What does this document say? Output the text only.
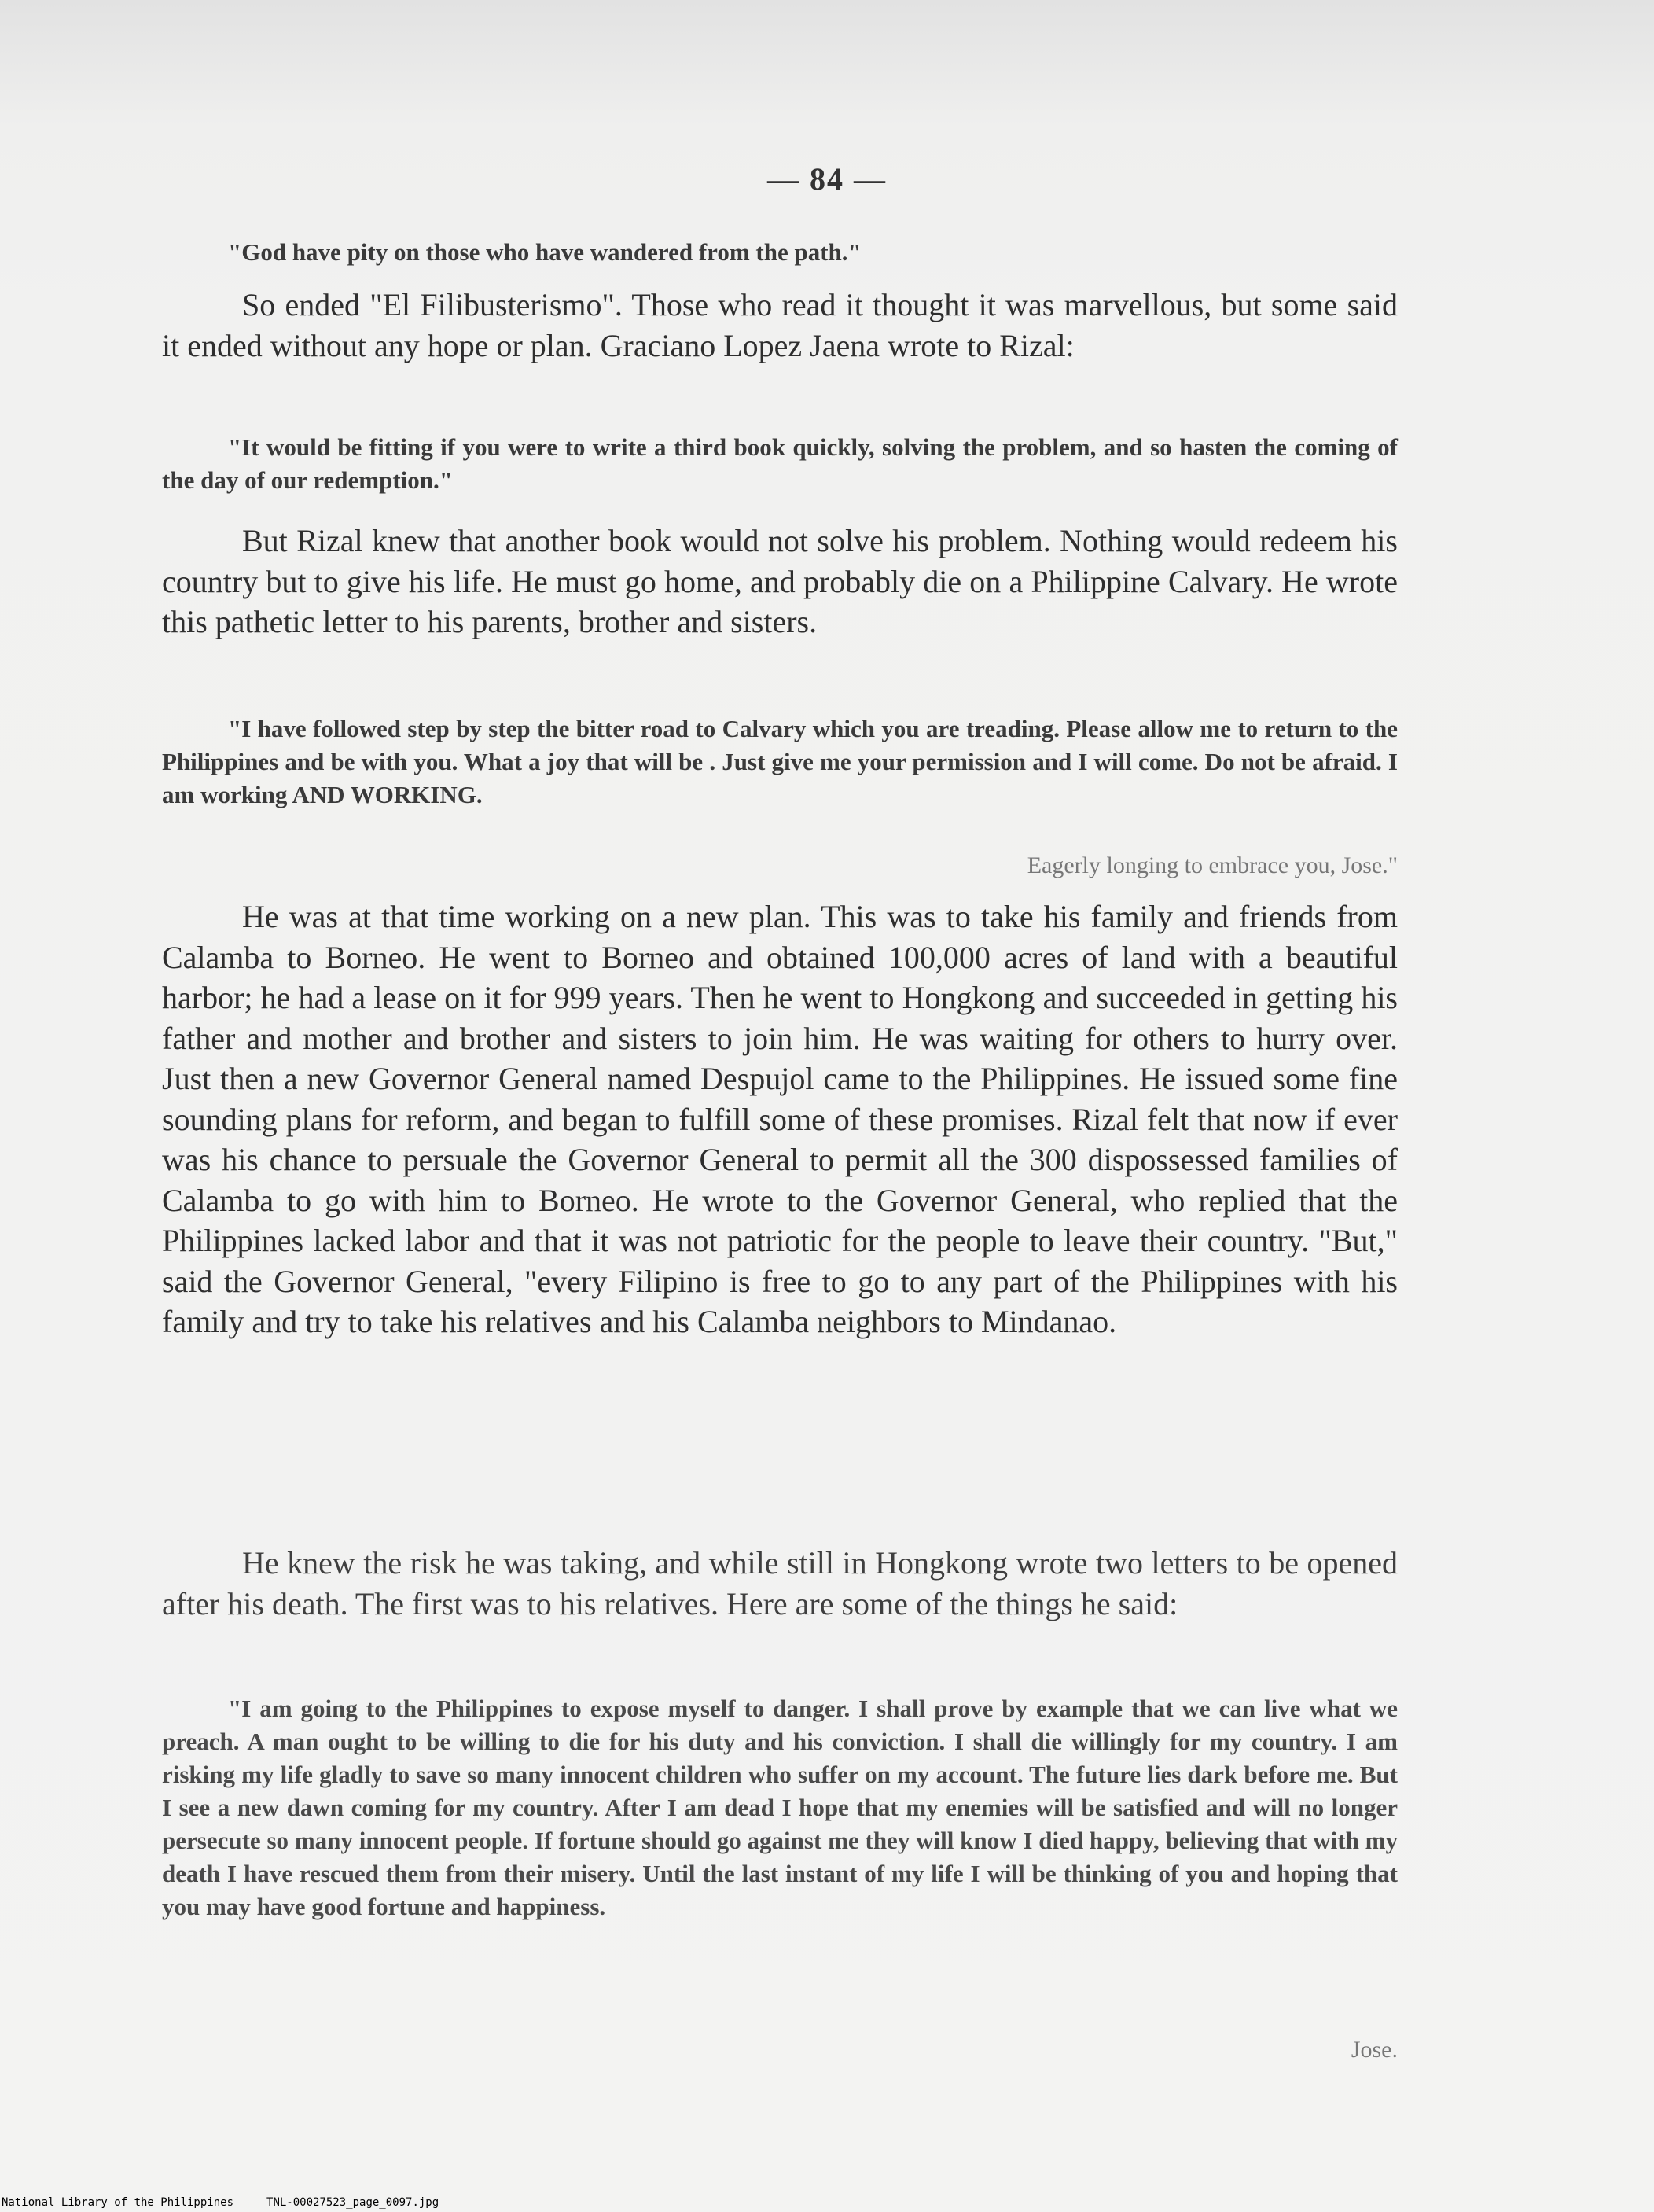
— 84 —
"God have pity on those who have wandered from the path."
So ended "El Filibusterismo". Those who read it thought it was marvellous, but some said it ended without any hope or plan. Graciano Lopez Jaena wrote to Rizal:
"It would be fitting if you were to write a third book quickly, solving the problem, and so hasten the coming of the day of our redemption."
But Rizal knew that another book would not solve his problem. Nothing would redeem his country but to give his life. He must go home, and probably die on a Philippine Calvary. He wrote this pathetic letter to his parents, brother and sisters.
"I have followed step by step the bitter road to Calvary which you are treading. Please allow me to return to the Philippines and be with you. What a joy that will be . Just give me your permission and I will come. Do not be afraid. I am working AND WORKING.
Eagerly longing to embrace you, Jose."
He was at that time working on a new plan. This was to take his family and friends from Calamba to Borneo. He went to Borneo and obtained 100,000 acres of land with a beautiful harbor; he had a lease on it for 999 years. Then he went to Hongkong and succeeded in getting his father and mother and brother and sisters to join him. He was waiting for others to hurry over. Just then a new Governor General named Despujol came to the Philippines. He issued some fine sounding plans for reform, and began to fulfill some of these promises. Rizal felt that now if ever was his chance to persuale the Governor General to permit all the 300 dispossessed families of Calamba to go with him to Borneo. He wrote to the Governor General, who replied that the Philippines lacked labor and that it was not patriotic for the people to leave their country. "But," said the Governor General, "every Filipino is free to go to any part of the Philippines with his family and try to take his relatives and his Calamba neighbors to Mindanao.
He knew the risk he was taking, and while still in Hongkong wrote two letters to be opened after his death. The first was to his relatives. Here are some of the things he said:
"I am going to the Philippines to expose myself to danger. I shall prove by example that we can live what we preach. A man ought to be willing to die for his duty and his conviction. I shall die willingly for my country. I am risking my life gladly to save so many innocent children who suffer on my account. The future lies dark before me. But I see a new dawn coming for my country. After I am dead I hope that my enemies will be satisfied and will no longer persecute so many innocent people. If fortune should go against me they will know I died happy, believing that with my death I have rescued them from their misery. Until the last instant of my life I will be thinking of you and hoping that you may have good fortune and happiness.
Jose.
National Library of the Philippines	TNL-00027523_page_0097.jpg
